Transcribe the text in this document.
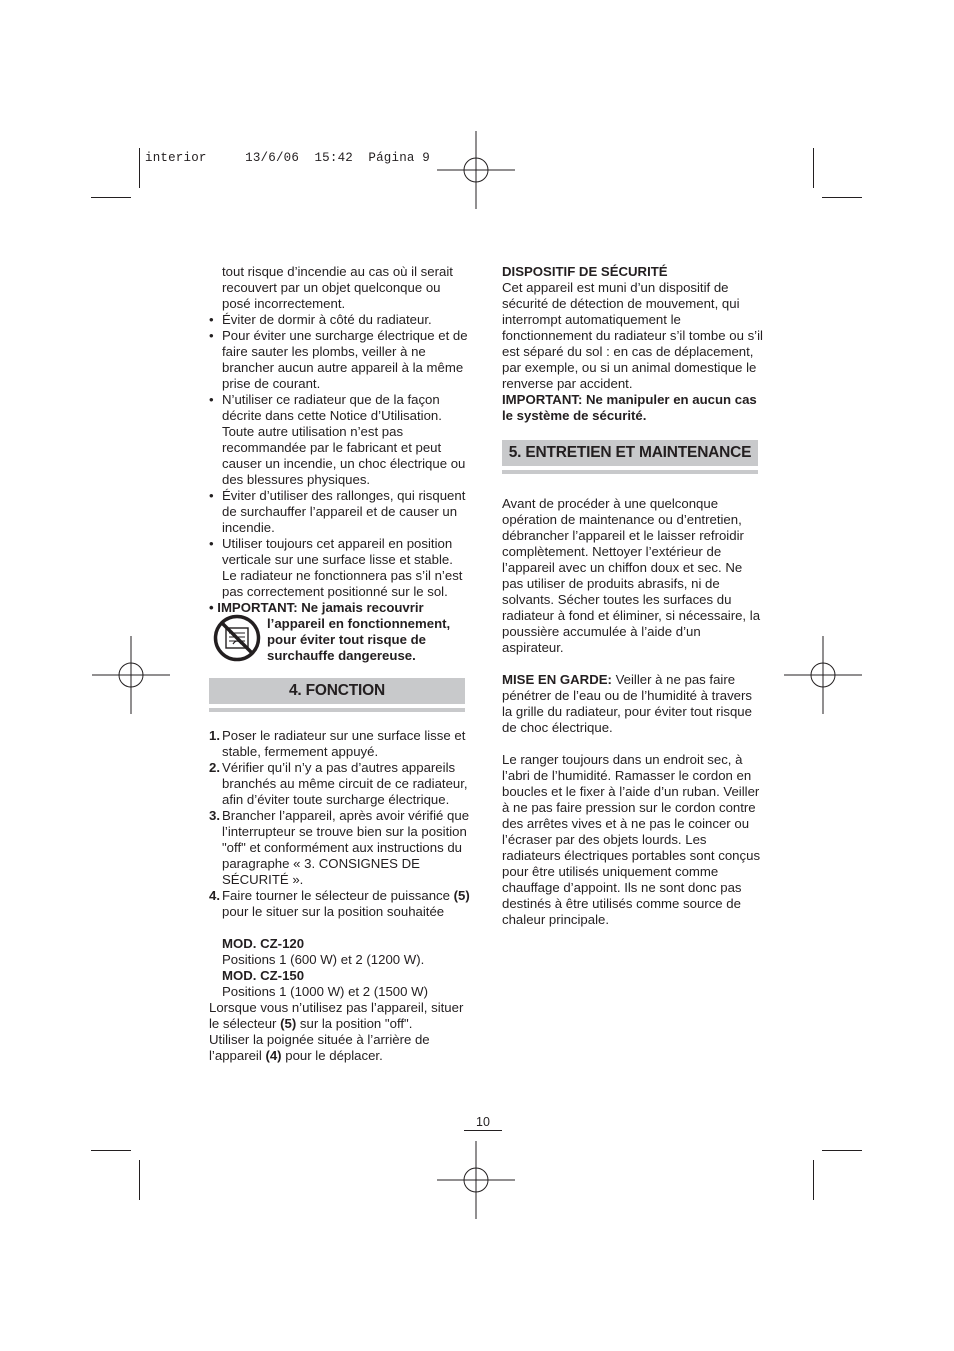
interior	13/6/06 15:42 Página 9
tout risque d’incendie au cas où il serait recouvert par un objet quelconque ou posé incorrectement.
• Éviter de dormir à côté du radiateur.
• Pour éviter une surcharge électrique et de faire sauter les plombs, veiller à ne brancher aucun autre appareil à la même prise de courant.
• N’utiliser ce radiateur que de la façon décrite dans cette Notice d’Utilisation. Toute autre utilisation n’est pas recommandée par le fabricant et peut causer un incendie, un choc électrique ou des blessures physiques.
• Éviter d’utiliser des rallonges, qui risquent de surchauffer l’appareil et de causer un incendie.
• Utiliser toujours cet appareil en position verticale sur une surface lisse et stable. Le radiateur ne fonctionnera pas s’il n’est pas correctement positionné sur le sol.
• IMPORTANT: Ne jamais recouvrir
l’appareil en fonctionnement,
pour éviter tout risque de
surchauffe dangereuse.
4. FONCTION
1. Poser le radiateur sur une surface lisse et stable, fermement appuyé.
2. Vérifier qu’il n’y a pas d’autres appareils branchés au même circuit de ce radiateur, afin d’éviter toute surcharge électrique.
3. Brancher l’appareil, après avoir vérifié que l’interrupteur se trouve bien sur la position "off" et conformément aux instructions du paragraphe « 3. CONSIGNES DE SÉCURITÉ ».
4. Faire tourner le sélecteur de puissance (5) pour le situer sur la position souhaitée
MOD. CZ-120
Positions 1 (600 W) et 2 (1200 W).
MOD. CZ-150
Positions 1 (1000 W) et 2 (1500 W)
Lorsque vous n’utilisez pas l’appareil, situer le sélecteur (5) sur la position "off".
Utiliser la poignée située à l’arrière de l’appareil (4) pour le déplacer.
DISPOSITIF DE SÉCURITÉ
Cet appareil est muni d’un dispositif de sécurité de détection de mouvement, qui interrompt automatiquement le fonctionnement du radiateur s’il tombe ou s’il est séparé du sol : en cas de déplacement, par exemple, ou si un animal domestique le renverse par accident.
IMPORTANT: Ne manipuler en aucun cas le système de sécurité.
5. ENTRETIEN ET MAINTENANCE
Avant de procéder à une quelconque opération de maintenance ou d’entretien, débrancher l’appareil et le laisser refroidir complètement. Nettoyer l’extérieur de l’appareil avec un chiffon doux et sec. Ne pas utiliser de produits abrasifs, ni de solvants. Sécher toutes les surfaces du radiateur à fond et éliminer, si nécessaire, la poussière accumulée à l’aide d’un aspirateur.
MISE EN GARDE: Veiller à ne pas faire pénétrer de l’eau ou de l’humidité à travers la grille du radiateur, pour éviter tout risque de choc électrique.
Le ranger toujours dans un endroit sec, à l’abri de l’humidité. Ramasser le cordon en boucles et le fixer à l’aide d’un ruban. Veiller à ne pas faire pression sur le cordon contre des arrêtes vives et à ne pas le coincer ou l’écraser par des objets lourds. Les radiateurs électriques portables sont conçus pour être utilisés uniquement comme chauffage d’appoint. Ils ne sont donc pas destinés à être utilisés comme source de chaleur principale.
10
